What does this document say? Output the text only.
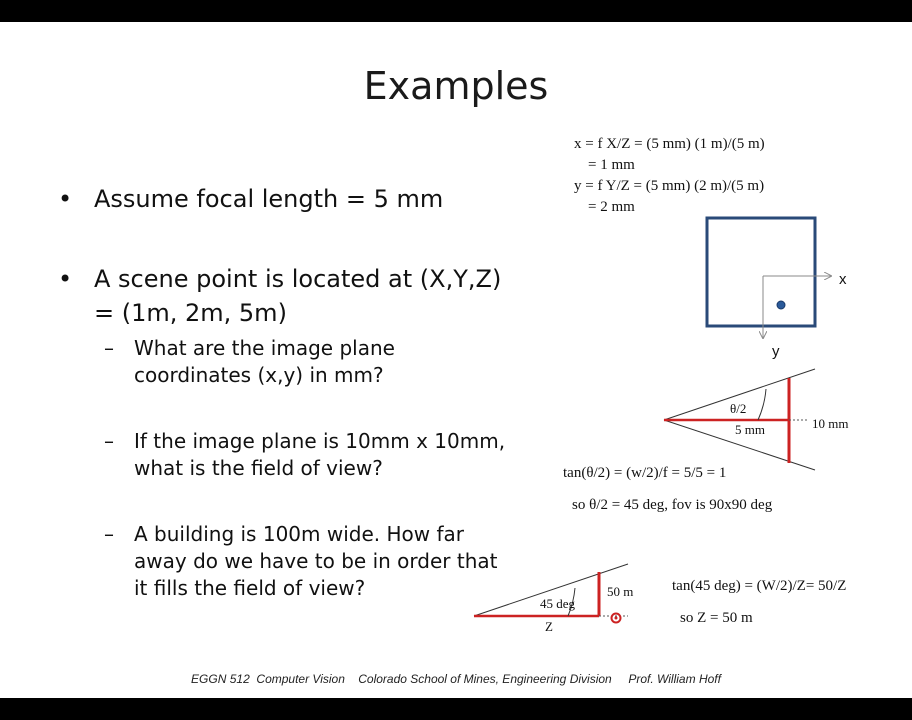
Examples
• Assume focal length = 5 mm
• A scene point is located at (X,Y,Z) = (1m, 2m, 5m)
– What are the image plane coordinates (x,y) in mm?
– If the image plane is 10mm x 10mm, what is the field of view?
– A building is 100m wide. How far away do we have to be in order that it fills the field of view?
x = f X/Z = (5 mm) (1 m)/(5 m)
= 1 mm
y = f Y/Z = (5 mm) (2 m)/(5 m)
= 2 mm
tan(θ/2) = (w/2)/f = 5/5 = 1
so θ/2 = 45 deg, fov is 90x90 deg
tan(45 deg) = (W/2)/Z= 50/Z
so Z = 50 m
x
y
θ/2
5 mm	10 mm
45 deg
50 m
Z
EGGN 512  Computer Vision    Colorado School of Mines, Engineering Division     Prof. William Hoff
